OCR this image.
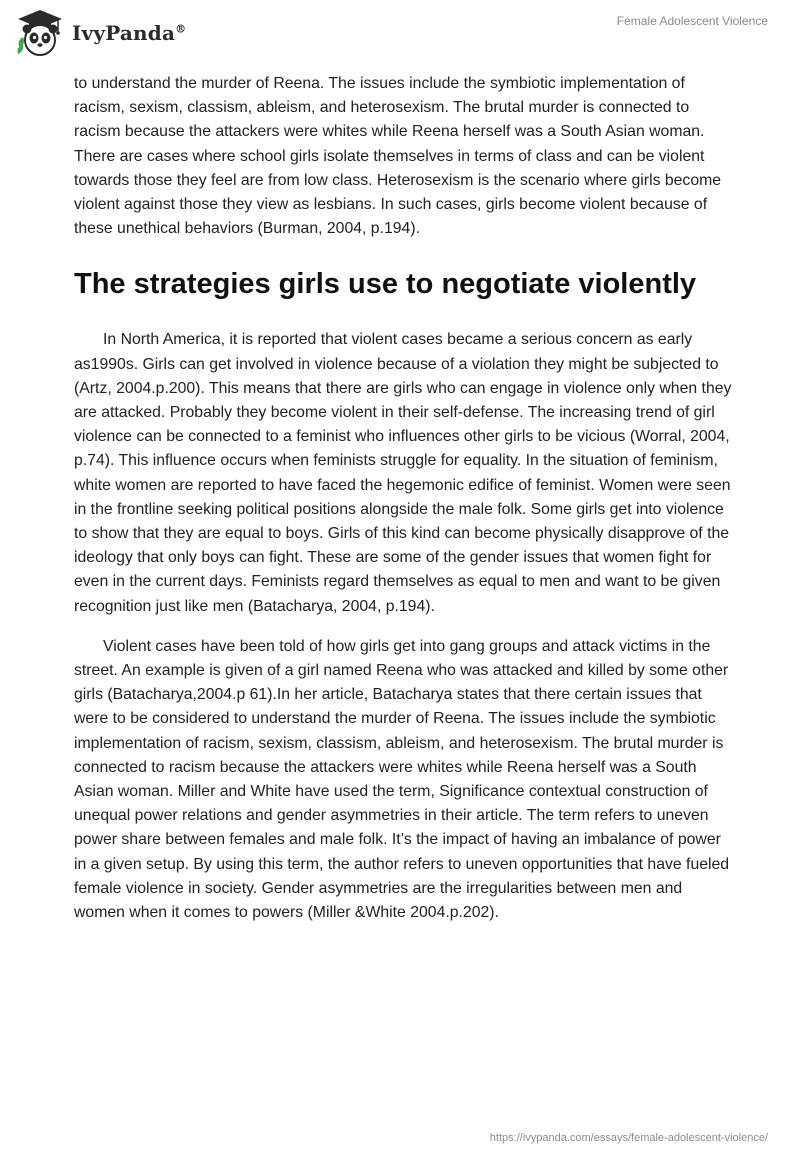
IvyPanda®
Female Adolescent Violence

to understand the murder of Reena. The issues include the symbiotic implementation of racism, sexism, classism, ableism, and heterosexism. The brutal murder is connected to racism because the attackers were whites while Reena herself was a South Asian woman. There are cases where school girls isolate themselves in terms of class and can be violent towards those they feel are from low class. Heterosexism is the scenario where girls become violent against those they view as lesbians. In such cases, girls become violent because of these unethical behaviors (Burman, 2004, p.194).

The strategies girls use to negotiate violently

In North America, it is reported that violent cases became a serious concern as early as1990s. Girls can get involved in violence because of a violation they might be subjected to (Artz, 2004.p.200). This means that there are girls who can engage in violence only when they are attacked. Probably they become violent in their self-defense. The increasing trend of girl violence can be connected to a feminist who influences other girls to be vicious (Worral, 2004, p.74). This influence occurs when feminists struggle for equality. In the situation of feminism, white women are reported to have faced the hegemonic edifice of feminist. Women were seen in the frontline seeking political positions alongside the male folk. Some girls get into violence to show that they are equal to boys. Girls of this kind can become physically disapprove of the ideology that only boys can fight. These are some of the gender issues that women fight for even in the current days. Feminists regard themselves as equal to men and want to be given recognition just like men (Batacharya, 2004, p.194).

Violent cases have been told of how girls get into gang groups and attack victims in the street. An example is given of a girl named Reena who was attacked and killed by some other girls (Batacharya,2004.p 61).In her article, Batacharya states that there certain issues that were to be considered to understand the murder of Reena. The issues include the symbiotic implementation of racism, sexism, classism, ableism, and heterosexism. The brutal murder is connected to racism because the attackers were whites while Reena herself was a South Asian woman. Miller and White have used the term, Significance contextual construction of unequal power relations and gender asymmetries in their article. The term refers to uneven power share between females and male folk. It’s the impact of having an imbalance of power in a given setup. By using this term, the author refers to uneven opportunities that have fueled female violence in society. Gender asymmetries are the irregularities between men and women when it comes to powers (Miller &White 2004.p.202).

https://ivypanda.com/essays/female-adolescent-violence/
